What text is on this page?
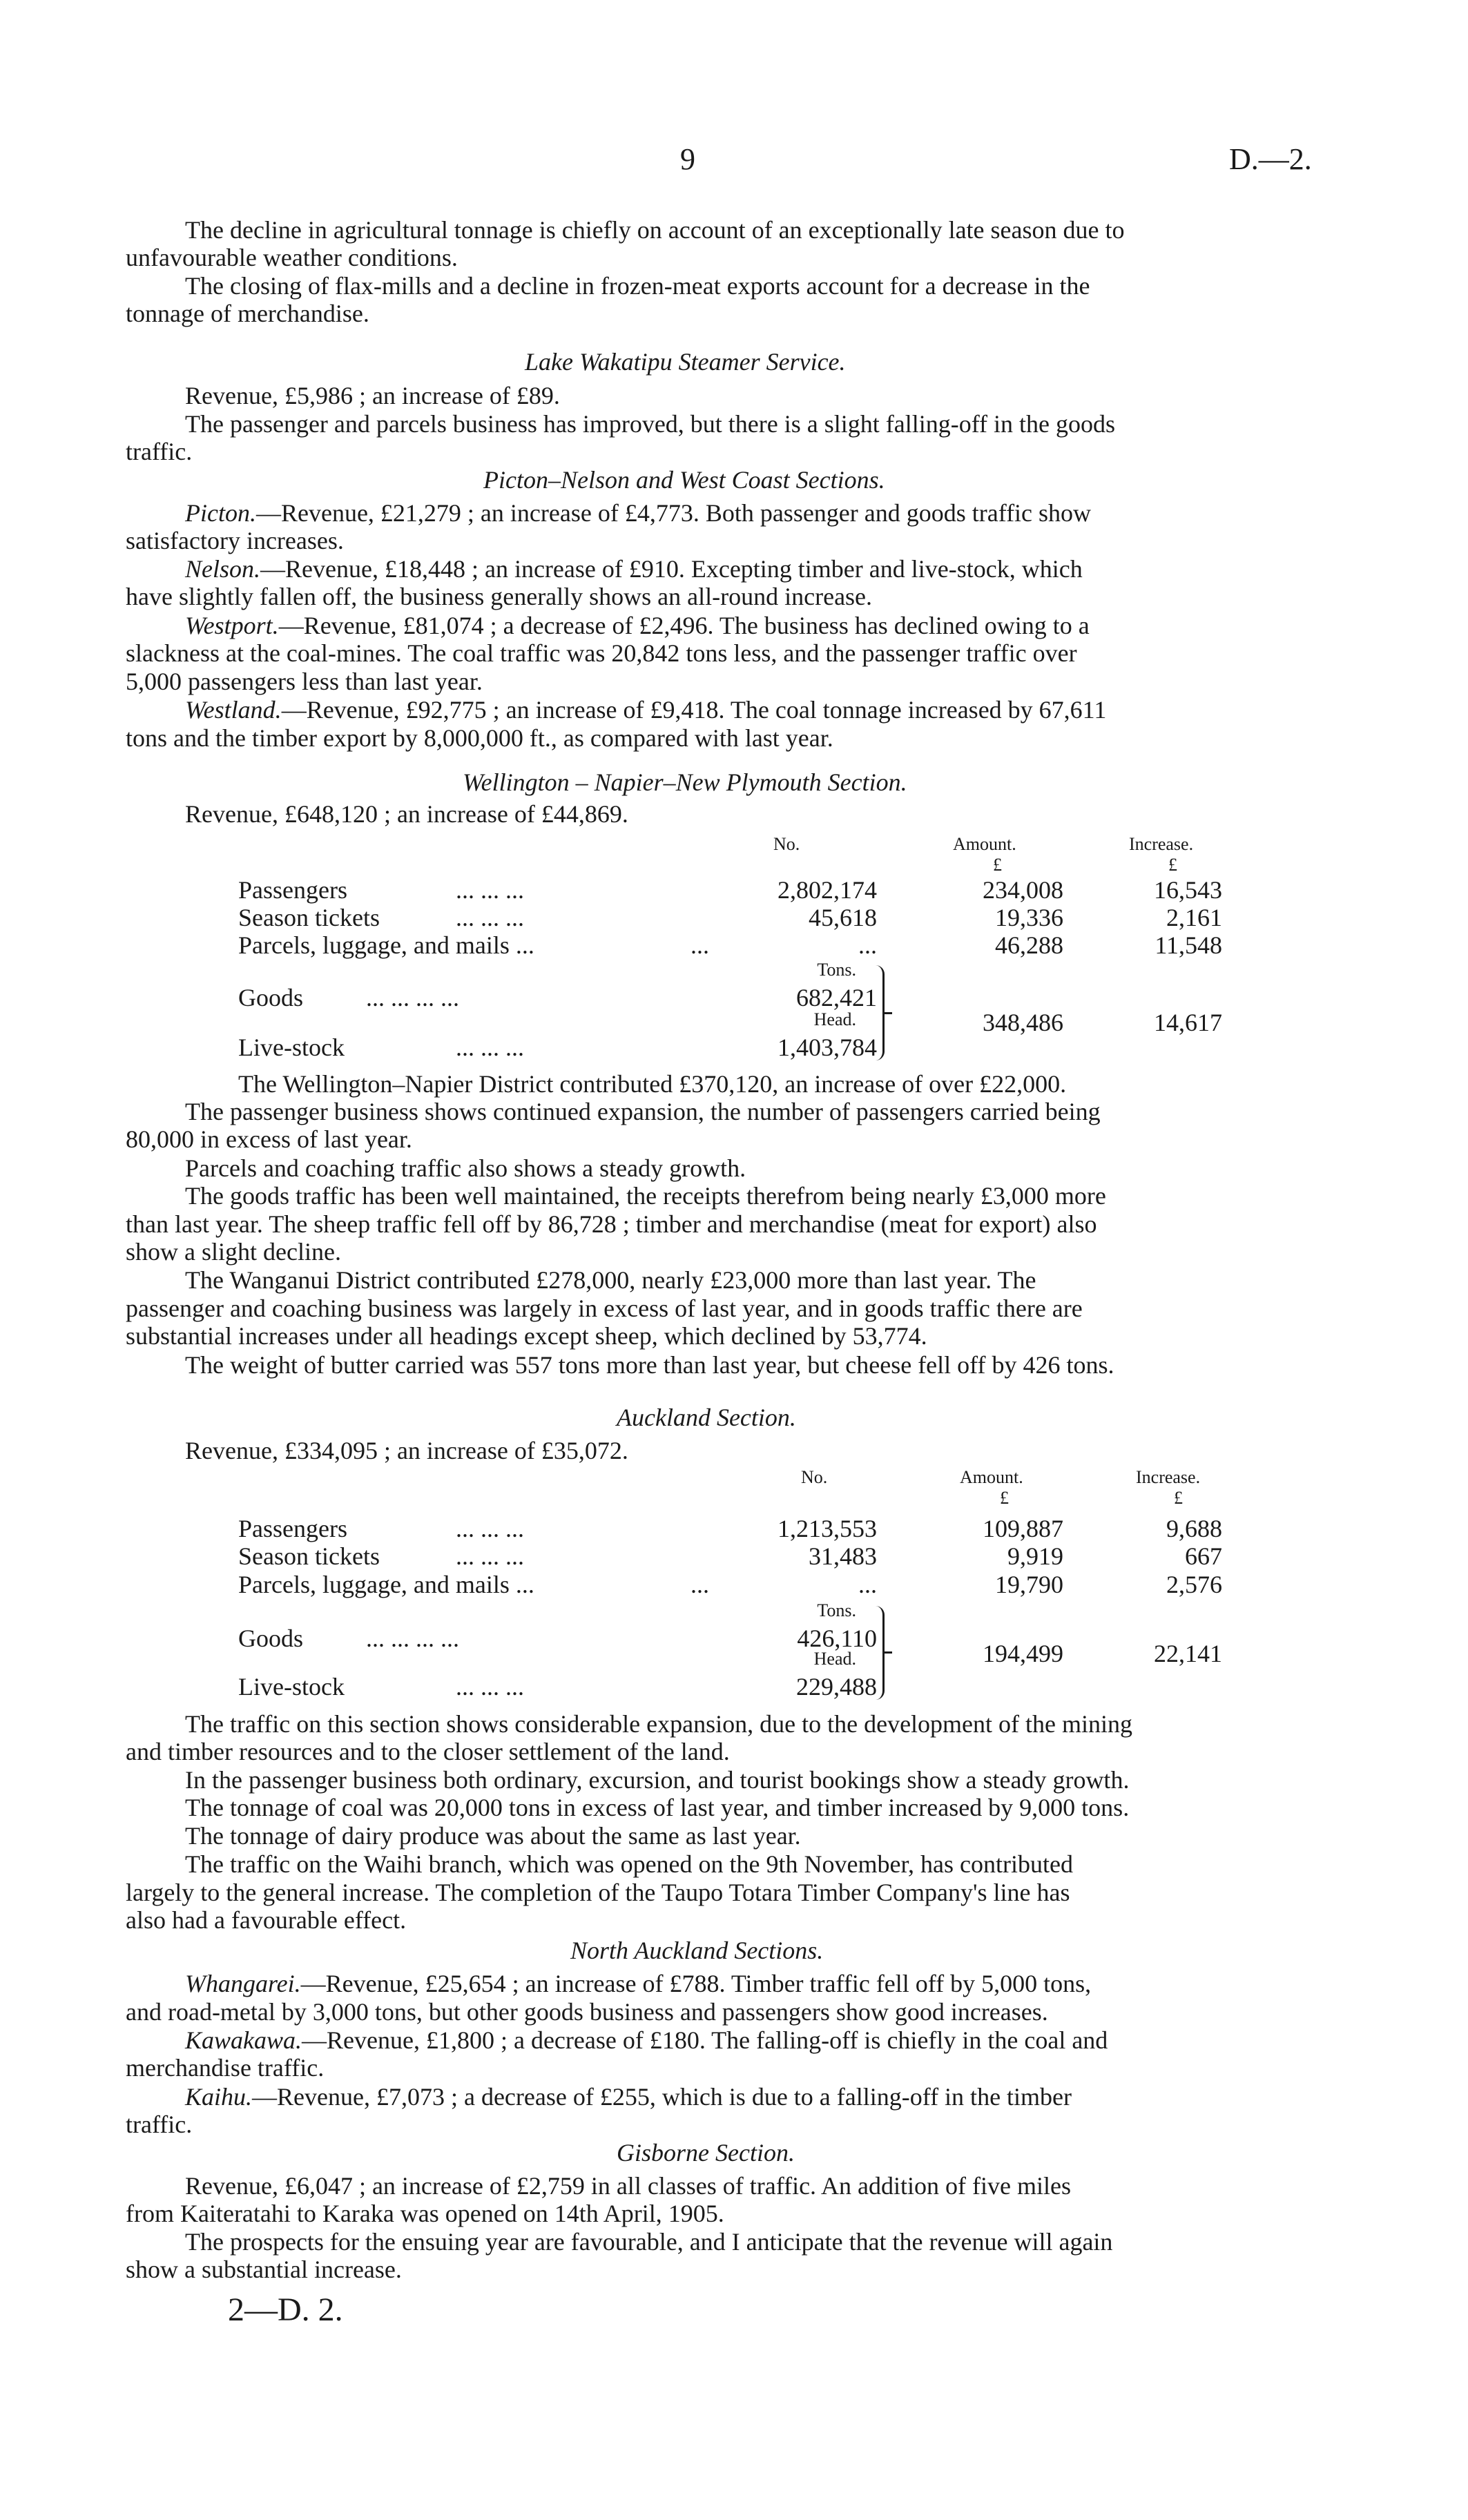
9	D.—2.
The decline in agricultural tonnage is chiefly on account of an exceptionally late season due to
unfavourable weather conditions.
The closing of flax-mills and a decline in frozen-meat exports account for a decrease in the
tonnage of merchandise.
Lake Wakatipu Steamer Service.
Revenue, £5,986 ; an increase of £89.
The passenger and parcels business has improved, but there is a slight falling-off in the goods
traffic.
Picton–Nelson and West Coast Sections.
Picton.—Revenue, £21,279 ; an increase of £4,773. Both passenger and goods traffic show
satisfactory increases.
Nelson.—Revenue, £18,448 ; an increase of £910. Excepting timber and live-stock, which
have slightly fallen off, the business generally shows an all-round increase.
Westport.—Revenue, £81,074 ; a decrease of £2,496. The business has declined owing to a
slackness at the coal-mines. The coal traffic was 20,842 tons less, and the passenger traffic over
5,000 passengers less than last year.
Westland.—Revenue, £92,775 ; an increase of £9,418. The coal tonnage increased by 67,611
tons and the timber export by 8,000,000 ft., as compared with last year.
Wellington – Napier–New Plymouth Section.
Revenue, £648,120 ; an increase of £44,869.
No.	Amount.	Increase.
£	£
Passengers	... ... ...	2,802,174	234,008	16,543
Season tickets	... ... ...	45,618	19,336	2,161
Parcels, luggage, and mails ...	...	...	46,288	11,548
Tons.
Goods	... ... ... ...	682,421
Head.
Live-stock	... ... ...	1,403,784
348,486	14,617
The Wellington–Napier District contributed £370,120, an increase of over £22,000.
The passenger business shows continued expansion, the number of passengers carried being
80,000 in excess of last year.
Parcels and coaching traffic also shows a steady growth.
The goods traffic has been well maintained, the receipts therefrom being nearly £3,000 more
than last year. The sheep traffic fell off by 86,728 ; timber and merchandise (meat for export) also
show a slight decline.
The Wanganui District contributed £278,000, nearly £23,000 more than last year. The
passenger and coaching business was largely in excess of last year, and in goods traffic there are
substantial increases under all headings except sheep, which declined by 53,774.
The weight of butter carried was 557 tons more than last year, but cheese fell off by 426 tons.
Auckland Section.
Revenue, £334,095 ; an increase of £35,072.
No.	Amount.	Increase.
£	£
Passengers	... ... ...	1,213,553	109,887	9,688
Season tickets	... ... ...	31,483	9,919	667
Parcels, luggage, and mails ...	...	...	19,790	2,576
Tons.
Goods	... ... ... ...	426,110
Head.
Live-stock	... ... ...	229,488
194,499	22,141
The traffic on this section shows considerable expansion, due to the development of the mining
and timber resources and to the closer settlement of the land.
In the passenger business both ordinary, excursion, and tourist bookings show a steady growth.
The tonnage of coal was 20,000 tons in excess of last year, and timber increased by 9,000 tons.
The tonnage of dairy produce was about the same as last year.
The traffic on the Waihi branch, which was opened on the 9th November, has contributed
largely to the general increase. The completion of the Taupo Totara Timber Company's line has
also had a favourable effect.
North Auckland Sections.
Whangarei.—Revenue, £25,654 ; an increase of £788. Timber traffic fell off by 5,000 tons,
and road-metal by 3,000 tons, but other goods business and passengers show good increases.
Kawakawa.—Revenue, £1,800 ; a decrease of £180. The falling-off is chiefly in the coal and
merchandise traffic.
Kaihu.—Revenue, £7,073 ; a decrease of £255, which is due to a falling-off in the timber
traffic.
Gisborne Section.
Revenue, £6,047 ; an increase of £2,759 in all classes of traffic. An addition of five miles
from Kaiteratahi to Karaka was opened on 14th April, 1905.
The prospects for the ensuing year are favourable, and I anticipate that the revenue will again
show a substantial increase.
2—D. 2.
